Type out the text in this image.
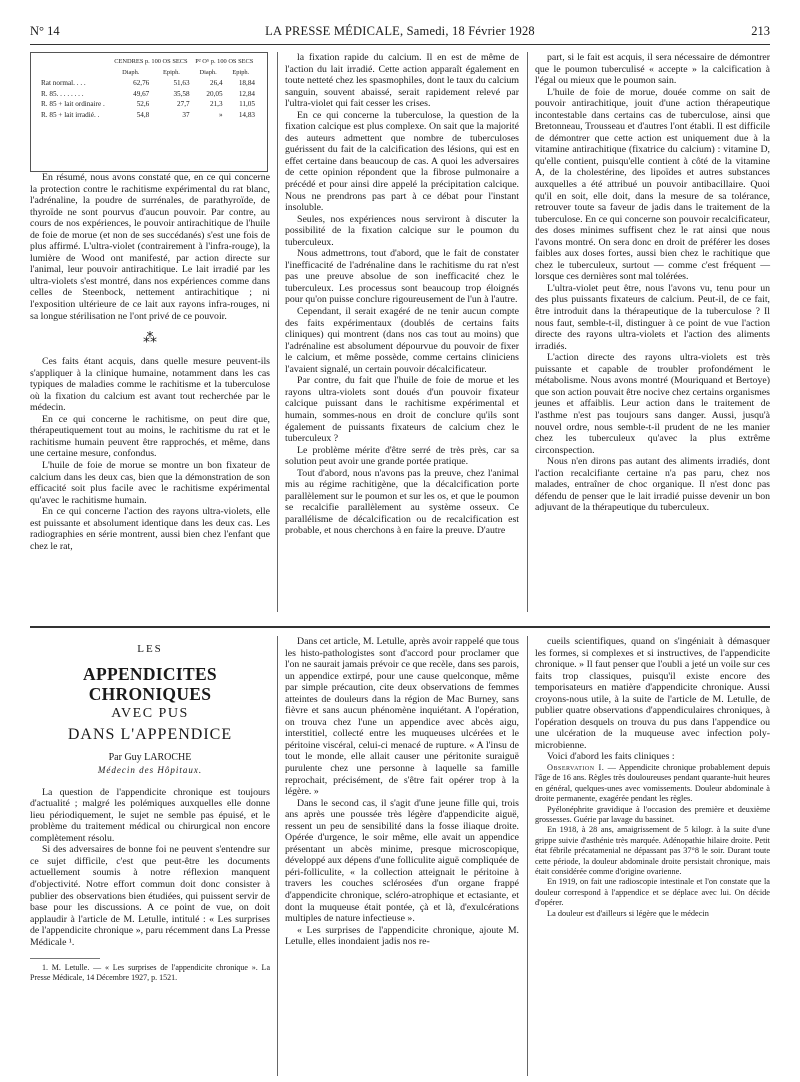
N° 14	LA PRESSE MÉDICALE, Samedi, 18 Février 1928	213
	CENDRES p. 100 OS SECS		P² O⁵ p. 100 OS SECS	
	Diaph.	Epiph.	Diaph.	Epiph.
Rat normal. . . .	62,76	51,63	26,4	18,84
R. 85. . . . . . . .	49,67	35,58	20,05	12,84
R. 85 + lait ordinaire .	52,6	27,7	21,3	11,05
R. 85 + lait irradié. .	54,8	37	»	14,83

En résumé, nous avons constaté que, en ce qui concerne la protection contre le rachitisme expérimental du rat blanc, l'adrénaline, la poudre de surrénales, de parathyroïde, de thyroïde ne sont pourvus d'aucun pouvoir. Par contre, au cours de nos expériences, le pouvoir antirachitique de l'huile de foie de morue (et non de ses succédanés) s'est une fois de plus affirmé. L'ultra-violet (contrairement à l'infra-rouge), la lumière de Wood ont manifesté, par action directe sur l'animal, leur pouvoir antirachitique. Le lait irradié par les ultra-violets s'est montré, dans nos expériences comme dans celles de Steenbock, nettement antirachitique ; ni l'exposition ultérieure de ce lait aux rayons infra-rouges, ni sa longue stérilisation ne l'ont privé de ce pouvoir.

⁂

Ces faits étant acquis, dans quelle mesure peuvent-ils s'appliquer à la clinique humaine, notamment dans les cas typiques de maladies comme le rachitisme et la tuberculose où la fixation du calcium est avant tout recherchée par le médecin.

En ce qui concerne le rachitisme, on peut dire que, thérapeutiquement tout au moins, le rachitisme du rat et le rachitisme humain peuvent être rapprochés, et même, dans une certaine mesure, confondus.

L'huile de foie de morue se montre un bon fixateur de calcium dans les deux cas, bien que la démonstration de son efficacité soit plus facile avec le rachitisme expérimental qu'avec le rachitisme humain.

En ce qui concerne l'action des rayons ultra-violets, elle est puissante et absolument identique dans les deux cas. Les radiographies en série montrent, aussi bien chez l'enfant que chez le rat,

la fixation rapide du calcium. Il en est de même de l'action du lait irradié. Cette action apparaît également en toute netteté chez les spasmophiles, dont le taux du calcium sanguin, souvent abaissé, serait rapidement relevé par l'ultra-violet qui fait cesser les crises.

En ce qui concerne la tuberculose, la question de la fixation calcique est plus complexe. On sait que la majorité des auteurs admettent que nombre de tuberculoses guérissent du fait de la calcification des lésions, qui est en effet certaine dans beaucoup de cas. A quoi les adversaires de cette opinion répondent que la fibrose pulmonaire a précédé et pour ainsi dire appelé la précipitation calcique. Nous ne prendrons pas part à ce débat pour l'instant insoluble.

Seules, nos expériences nous serviront à discuter la possibilité de la fixation calcique sur le poumon du tuberculeux.

Nous admettrons, tout d'abord, que le fait de constater l'inefficacité de l'adrénaline dans le rachitisme du rat n'est pas une preuve absolue de son inefficacité chez le tuberculeux. Les processus sont beaucoup trop éloignés pour qu'on puisse conclure rigoureusement de l'un à l'autre.

Cependant, il serait exagéré de ne tenir aucun compte des faits expérimentaux (doublés de certains faits cliniques) qui montrent (dans nos cas tout au moins) que l'adrénaline est absolument dépourvue du pouvoir de fixer le calcium, et même possède, comme certains cliniciens l'avaient signalé, un certain pouvoir décalcificateur.

Par contre, du fait que l'huile de foie de morue et les rayons ultra-violets sont doués d'un pouvoir fixateur calcique puissant dans le rachitisme expérimental et humain, sommes-nous en droit de conclure qu'ils sont également de puissants fixateurs de calcium chez le tuberculeux ?

Le problème mérite d'être serré de très près, car sa solution peut avoir une grande portée pratique.

Tout d'abord, nous n'avons pas la preuve, chez l'animal mis au régime rachitigène, que la décalcification porte parallèlement sur le poumon et sur les os, et que le poumon se recalcifie parallèlement au système osseux. Ce parallélisme de décalcification ou de recalcification est probable, et nous cherchons à en faire la preuve. D'autre

part, si le fait est acquis, il sera nécessaire de démontrer que le poumon tuberculisé « accepte » la calcification à l'égal ou mieux que le poumon sain.

L'huile de foie de morue, douée comme on sait de pouvoir antirachitique, jouit d'une action thérapeutique incontestable dans certains cas de tuberculose, ainsi que Bretonneau, Trousseau et d'autres l'ont établi. Il est difficile de démontrer que cette action est uniquement due à la vitamine antirachitique (fixatrice du calcium) : vitamine D, qu'elle contient, puisqu'elle contient à côté de la vitamine A, de la cholestérine, des lipoïdes et autres substances auxquelles a été attribué un pouvoir antibacillaire. Quoi qu'il en soit, elle doit, dans la mesure de sa tolérance, retrouver toute sa faveur de jadis dans le traitement de la tuberculose. En ce qui concerne son pouvoir recalcificateur, des doses minimes suffisent chez le rat ainsi que nous l'avons montré. On sera donc en droit de préférer les doses faibles aux doses fortes, aussi bien chez le rachitique que chez le tuberculeux, surtout — comme c'est fréquent — lorsque ces dernières sont mal tolérées.

L'ultra-violet peut être, nous l'avons vu, tenu pour un des plus puissants fixateurs de calcium. Peut-il, de ce fait, être introduit dans la thérapeutique de la tuberculose ? Il nous faut, semble-t-il, distinguer à ce point de vue l'action directe des rayons ultra-violets et l'action des aliments irradiés.

L'action directe des rayons ultra-violets est très puissante et capable de troubler profondément le métabolisme. Nous avons montré (Mouriquand et Bertoye) que son action pouvait être nocive chez certains organismes jeunes et affaiblis. Leur action dans le traitement de l'asthme n'est pas toujours sans danger. Aussi, jusqu'à nouvel ordre, nous semble-t-il prudent de ne les manier chez les tuberculeux qu'avec la plus extrême circonspection.

Nous n'en dirons pas autant des aliments irradiés, dont l'action recalcifiante certaine n'a pas paru, chez nos malades, entraîner de choc organique. Il n'est donc pas défendu de penser que le lait irradié puisse devenir un bon adjuvant de la thérapeutique du tuberculeux.

LES
APPENDICITES CHRONIQUES
AVEC PUS
DANS L'APPENDICE
Par Guy LAROCHE
Médecin des Hôpitaux.

La question de l'appendicite chronique est toujours d'actualité ; malgré les polémiques auxquelles elle donne lieu périodiquement, le sujet ne semble pas épuisé, et le problème du traitement médical ou chirurgical non encore complètement résolu.

Si des adversaires de bonne foi ne peuvent s'entendre sur ce sujet difficile, c'est que peut-être les documents actuellement soumis à notre réflexion manquent d'objectivité. Notre effort commun doit donc consister à publier des observations bien étudiées, qui puissent servir de base pour les discussions. A ce point de vue, on doit applaudir à l'article de M. Letulle, intitulé : « Les surprises de l'appendicite chronique », paru récemment dans La Presse Médicale ¹.

1. M. Letulle. — « Les surprises de l'appendicite chronique ». La Presse Médicale, 14 Décembre 1927, p. 1521.

Dans cet article, M. Letulle, après avoir rappelé que tous les histo-pathologistes sont d'accord pour proclamer que l'on ne saurait jamais prévoir ce que recèle, dans ses parois, un appendice extirpé, pour une cause quelconque, même par simple précaution, cite deux observations de femmes atteintes de douleurs dans la région de Mac Burney, sans fièvre et sans aucun phénomène inquiétant. A l'opération, on trouva chez l'une un appendice avec abcès aigu, interstitiel, collecté entre les muqueuses ulcérées et le péritoine viscéral, celui-ci menacé de rupture. « A l'insu de tout le monde, elle allait causer une péritonite suraiguë purulente chez une personne à laquelle sa famille reprochait, précisément, de s'être fait opérer trop à la légère. »

Dans le second cas, il s'agit d'une jeune fille qui, trois ans après une poussée très légère d'appendicite aiguë, ressent un peu de sensibilité dans la fosse iliaque droite. Opérée d'urgence, le soir même, elle avait un appendice présentant un abcès minime, presque microscopique, développé aux dépens d'une folliculite aiguë compliquée de péri-folliculite, « la collection atteignait le péritoine à travers les couches sclérosées d'un organe frappé d'appendicite chronique, scléro-atrophique et ectasiante, et dont la muqueuse était pontée, çà et là, d'exulcérations multiples de nature infectieuse ».

« Les surprises de l'appendicite chronique, ajoute M. Letulle, elles inondaient jadis nos re-

cueils scientifiques, quand on s'ingéniait à démasquer les formes, si complexes et si instructives, de l'appendicite chronique. » Il faut penser que l'oubli a jeté un voile sur ces faits trop classiques, puisqu'il existe encore des temporisateurs en matière d'appendicite chronique. Aussi croyons-nous utile, à la suite de l'article de M. Letulle, de publier quatre observations d'appendiculaires chroniques, à l'opération desquels on trouva du pus dans l'appendice ou une ulcération de la muqueuse avec infection poly-microbienne.

Voici d'abord les faits cliniques :

Observation I. — Appendicite chronique probablement depuis l'âge de 16 ans. Règles très douloureuses pendant quarante-huit heures en général, quelques-unes avec vomissements. Douleur abdominale à droite permanente, exagérée pendant les règles.

Pyélonéphrite gravidique à l'occasion des première et deuxième grossesses. Guérie par lavage du bassinet.

En 1918, à 28 ans, amaigrissement de 5 kilogr. à la suite d'une grippe suivie d'asthénie très marquée. Adénopathie hilaire droite. Petit état fébrile précatamenial ne dépassant pas 37°8 le soir. Durant toute cette période, la douleur abdominale droite persistait chronique, mais était considérée comme d'origine ovarienne.

En 1919, on fait une radioscopie intestinale et l'on constate que la douleur correspond à l'appendice et se déplace avec lui. On décide d'opérer.

La douleur est d'ailleurs si légère que le médecin
